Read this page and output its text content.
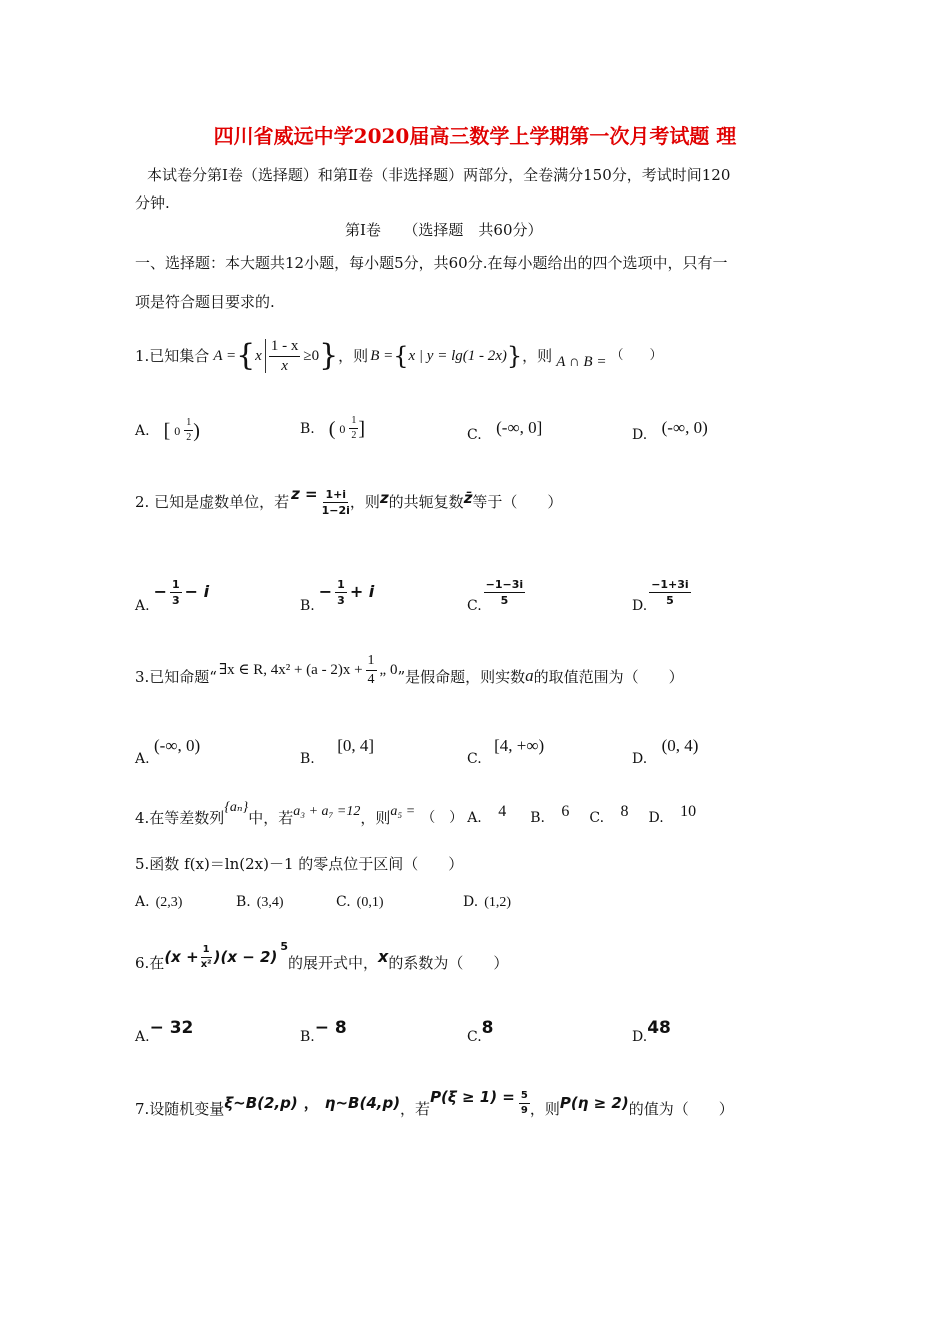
四川省威远中学2020届高三数学上学期第一次月考试题 理
本试卷分第Ⅰ卷（选择题）和第Ⅱ卷（非选择题）两部分，全卷满分150分，考试时间120
分钟.
第Ⅰ卷　　（选择题　共60分）
一、选择题：本大题共12小题，每小题5分，共60分.在每小题给出的四个选项中，只有一
项是符合题目要求的.
1.已知集合 A = { x $\frac{1 - x}{x} \ge 0$ } ，则 B = { x | y = lg(1 - 2x) } ，则 A ∩ B = （　　）
A. [ $0 \frac{1}{2}$ )	B. ( $0 \frac{1}{2}$ ]	C. (-∞, 0]	D. (-∞, 0)
2. 已知是虚数单位，若 $z = \frac{1+i}{1-2i}$ ，则 z 的共轭复数 z̄ 等于（　　）
A.
− $\frac{1}{3} - i$
B.
− $\frac{1}{3} + i$
C.
$\frac{-1-3i}{5}$
D.
$\frac{-1+3i}{5}$
3.已知命题“ ∃x ∈ R, $4x^2 + (a - 2)x + \frac{1}{4}$ „ 0 ”是假命题，则实数 a 的取值范围为（　　）
A. (-∞, 0)
B. [0, 4]
C. [4, +∞)
D. (0, 4)
4.在等差数列
{aₙ}
中，若 a₃ + a₇ =12 ，则 a₅ = （　） A. 4 B. 6 C. 8 D. 10
5.函数 f(x)＝ln(2x)－1 的零点位于区间（　　）
A. (2,3)	B. (3,4)	C. (0,1)	D. (1,2)
6.在 $(x + \frac{1}{\text{x²}} )(x - 2)$
5
的展开式中， x 的系数为（　　）
A.− 32	B.− 8	C.8	D.48
7.设随机变量 ξ~B(2,p) ， η~B(4,p) ，若
$P(\xi \ge 1) = \frac{5}{9}$ ，则 P(η ≥ 2) 的值为（　　）
